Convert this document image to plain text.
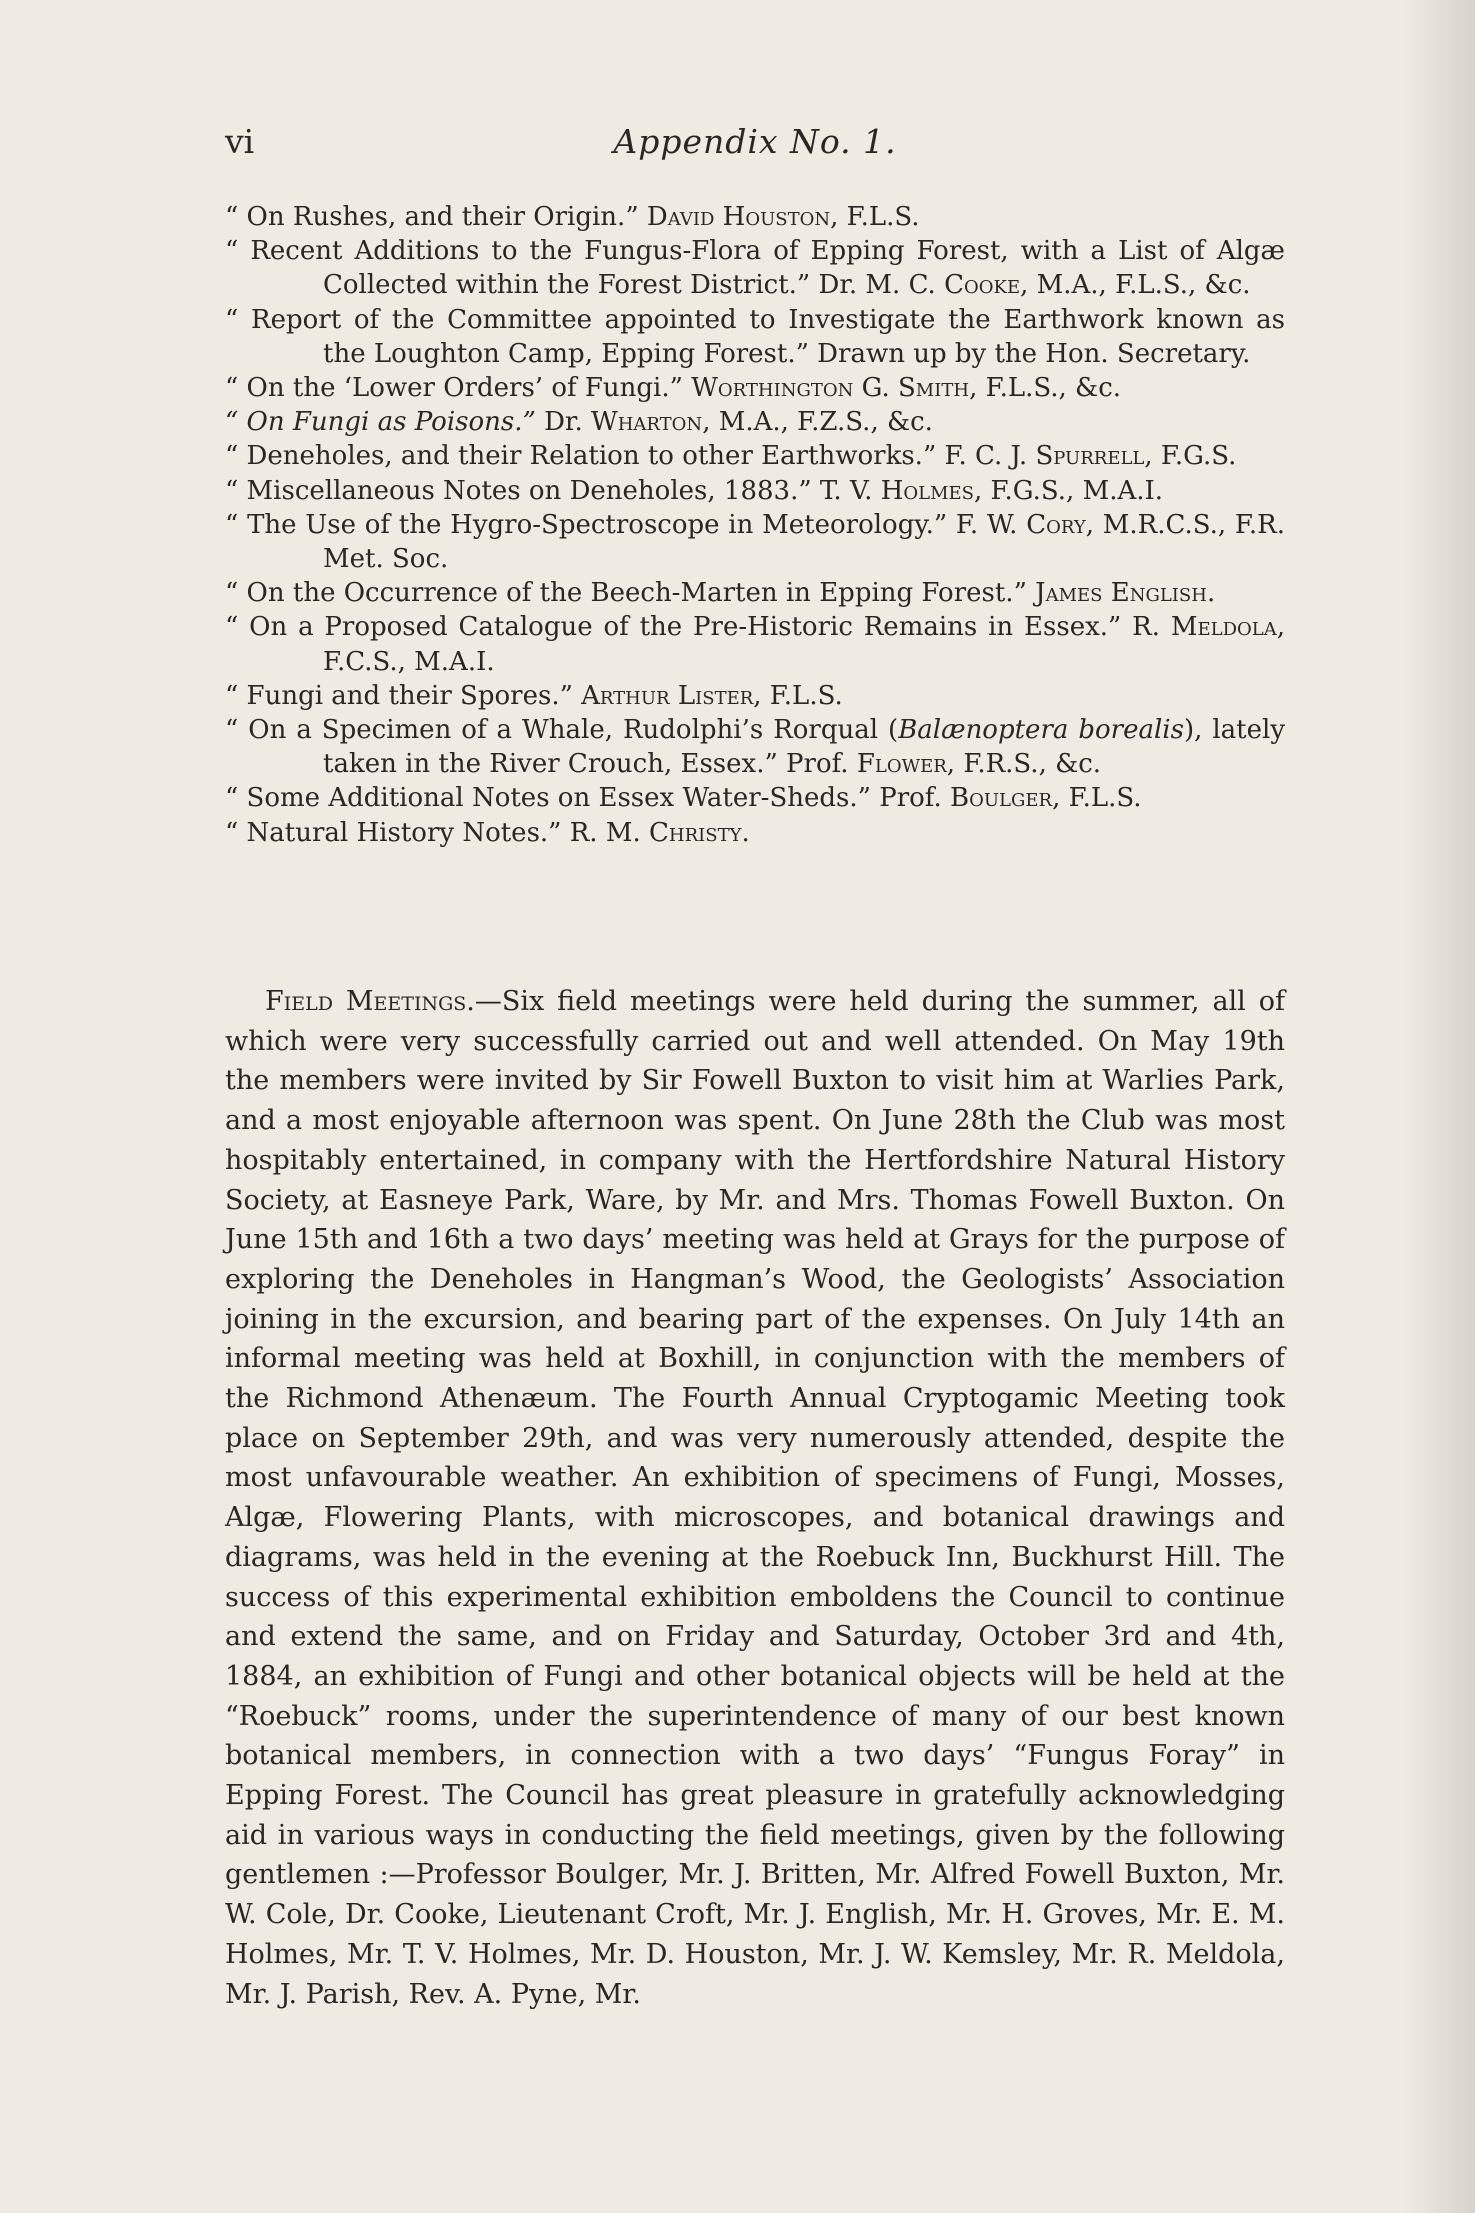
vi	Appendix No. 1.

“ On Rushes, and their Origin.” David Houston, F.L.S.

“ Recent Additions to the Fungus-Flora of Epping Forest, with a List of Algæ Collected within the Forest District.” Dr. M. C. Cooke, M.A., F.L.S., &c.

“ Report of the Committee appointed to Investigate the Earthwork known as the Loughton Camp, Epping Forest.” Drawn up by the Hon. Secretary.

“ On the ‘Lower Orders’ of Fungi.” Worthington G. Smith, F.L.S., &c.

“ On Fungi as Poisons.” Dr. Wharton, M.A., F.Z.S., &c.

“ Deneholes, and their Relation to other Earthworks.” F. C. J. Spurrell, F.G.S.

“ Miscellaneous Notes on Deneholes, 1883.” T. V. Holmes, F.G.S., M.A.I.

“ The Use of the Hygro-Spectroscope in Meteorology.” F. W. Cory, M.R.C.S., F.R. Met. Soc.

“ On the Occurrence of the Beech-Marten in Epping Forest.” James English.

“ On a Proposed Catalogue of the Pre-Historic Remains in Essex.” R. Meldola, F.C.S., M.A.I.

“ Fungi and their Spores.” Arthur Lister, F.L.S.

“ On a Specimen of a Whale, Rudolphi’s Rorqual (Balænoptera borealis), lately taken in the River Crouch, Essex.” Prof. Flower, F.R.S., &c.

“ Some Additional Notes on Essex Water-Sheds.” Prof. Boulger, F.L.S.

“ Natural History Notes.” R. M. Christy.

Field Meetings.—Six field meetings were held during the summer, all of which were very successfully carried out and well attended. On May 19th the members were invited by Sir Fowell Buxton to visit him at Warlies Park, and a most enjoyable afternoon was spent. On June 28th the Club was most hospitably entertained, in company with the Hertfordshire Natural History Society, at Easneye Park, Ware, by Mr. and Mrs. Thomas Fowell Buxton. On June 15th and 16th a two days’ meeting was held at Grays for the purpose of exploring the Deneholes in Hangman’s Wood, the Geologists’ Association joining in the excursion, and bearing part of the expenses. On July 14th an informal meeting was held at Boxhill, in conjunction with the members of the Richmond Athenæum. The Fourth Annual Cryptogamic Meeting took place on September 29th, and was very numerously attended, despite the most unfavourable weather. An exhibition of specimens of Fungi, Mosses, Algæ, Flowering Plants, with microscopes, and botanical drawings and diagrams, was held in the evening at the Roebuck Inn, Buckhurst Hill. The success of this experimental exhibition emboldens the Council to continue and extend the same, and on Friday and Saturday, October 3rd and 4th, 1884, an exhibition of Fungi and other botanical objects will be held at the “Roebuck” rooms, under the superintendence of many of our best known botanical members, in connection with a two days’ “Fungus Foray” in Epping Forest. The Council has great pleasure in gratefully acknowledging aid in various ways in conducting the field meetings, given by the following gentlemen :—Professor Boulger, Mr. J. Britten, Mr. Alfred Fowell Buxton, Mr. W. Cole, Dr. Cooke, Lieutenant Croft, Mr. J. English, Mr. H. Groves, Mr. E. M. Holmes, Mr. T. V. Holmes, Mr. D. Houston, Mr. J. W. Kemsley, Mr. R. Meldola, Mr. J. Parish, Rev. A. Pyne, Mr.
